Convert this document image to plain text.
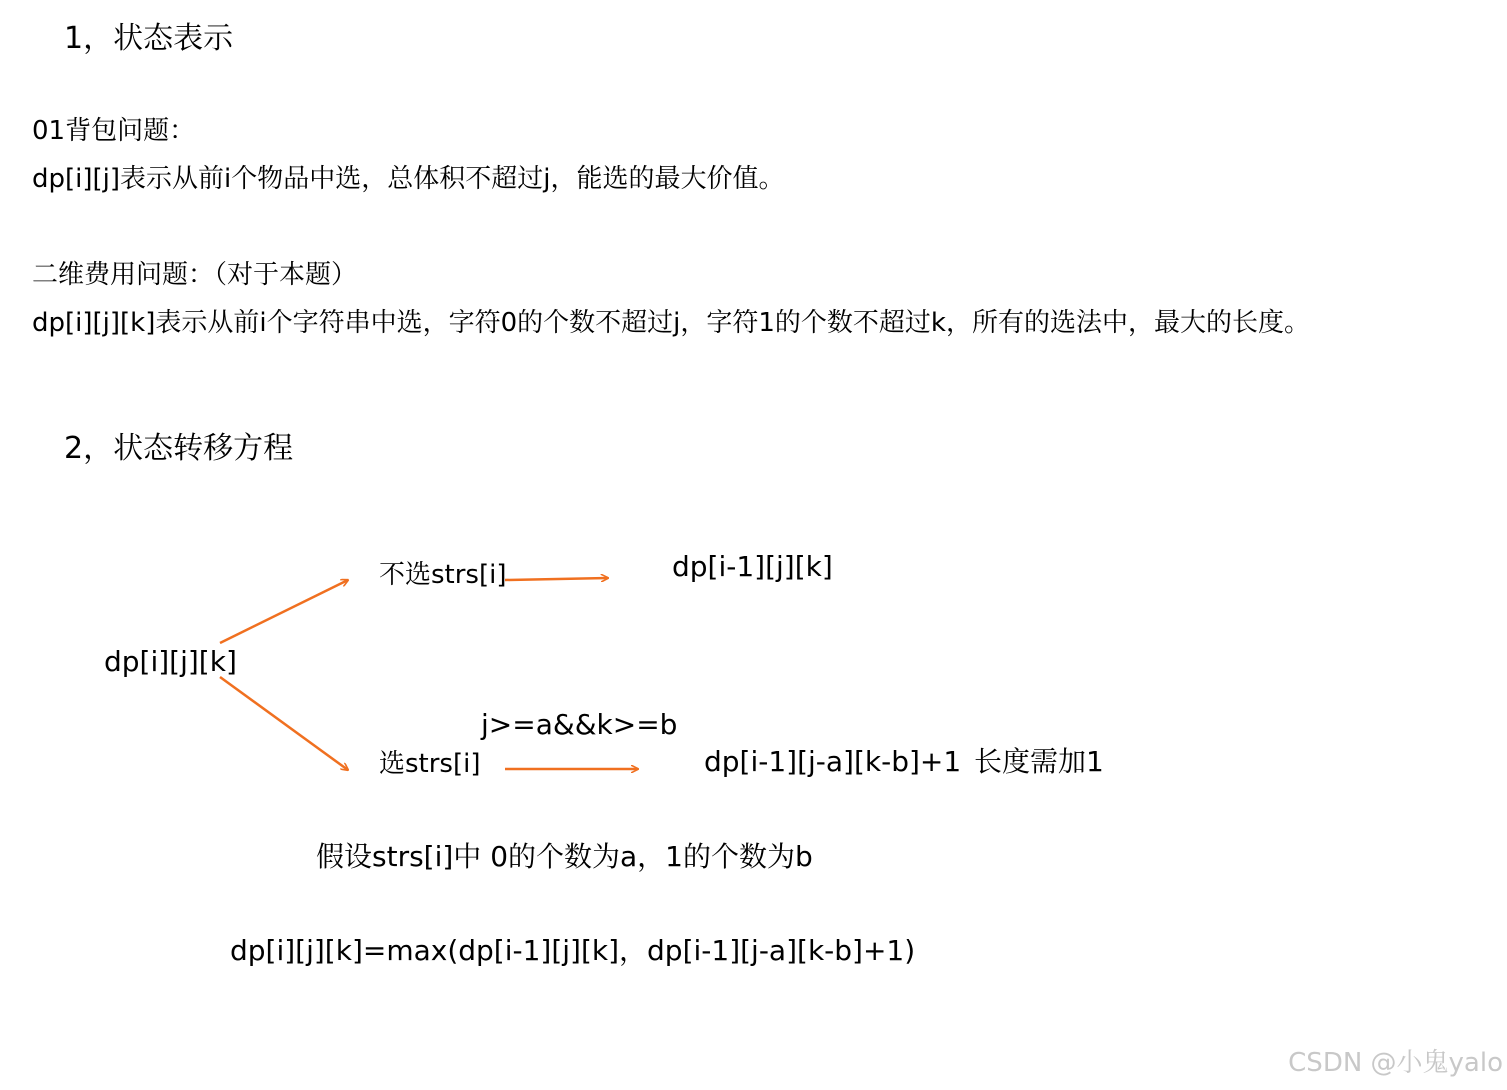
1，状态表示
01背包问题：
dp[i][j]表示从前i个物品中选，总体积不超过j，能选的最大价值。
二维费用问题：（对于本题）
dp[i][j][k]表示从前i个字符串中选，字符0的个数不超过j，字符1的个数不超过k，所有的选法中，最大的长度。
2，状态转移方程
dp[i][j][k]
不选strs[i]	dp[i-1][j][k]
j>=a&&k>=b
选strs[i]	dp[i-1][j-a][k-b]+1 长度需加1
假设strs[i]中 0的个数为a，1的个数为b
dp[i][j][k]=max(dp[i-1][j][k]，dp[i-1][j-a][k-b]+1)
CSDN @小鬼yalo
